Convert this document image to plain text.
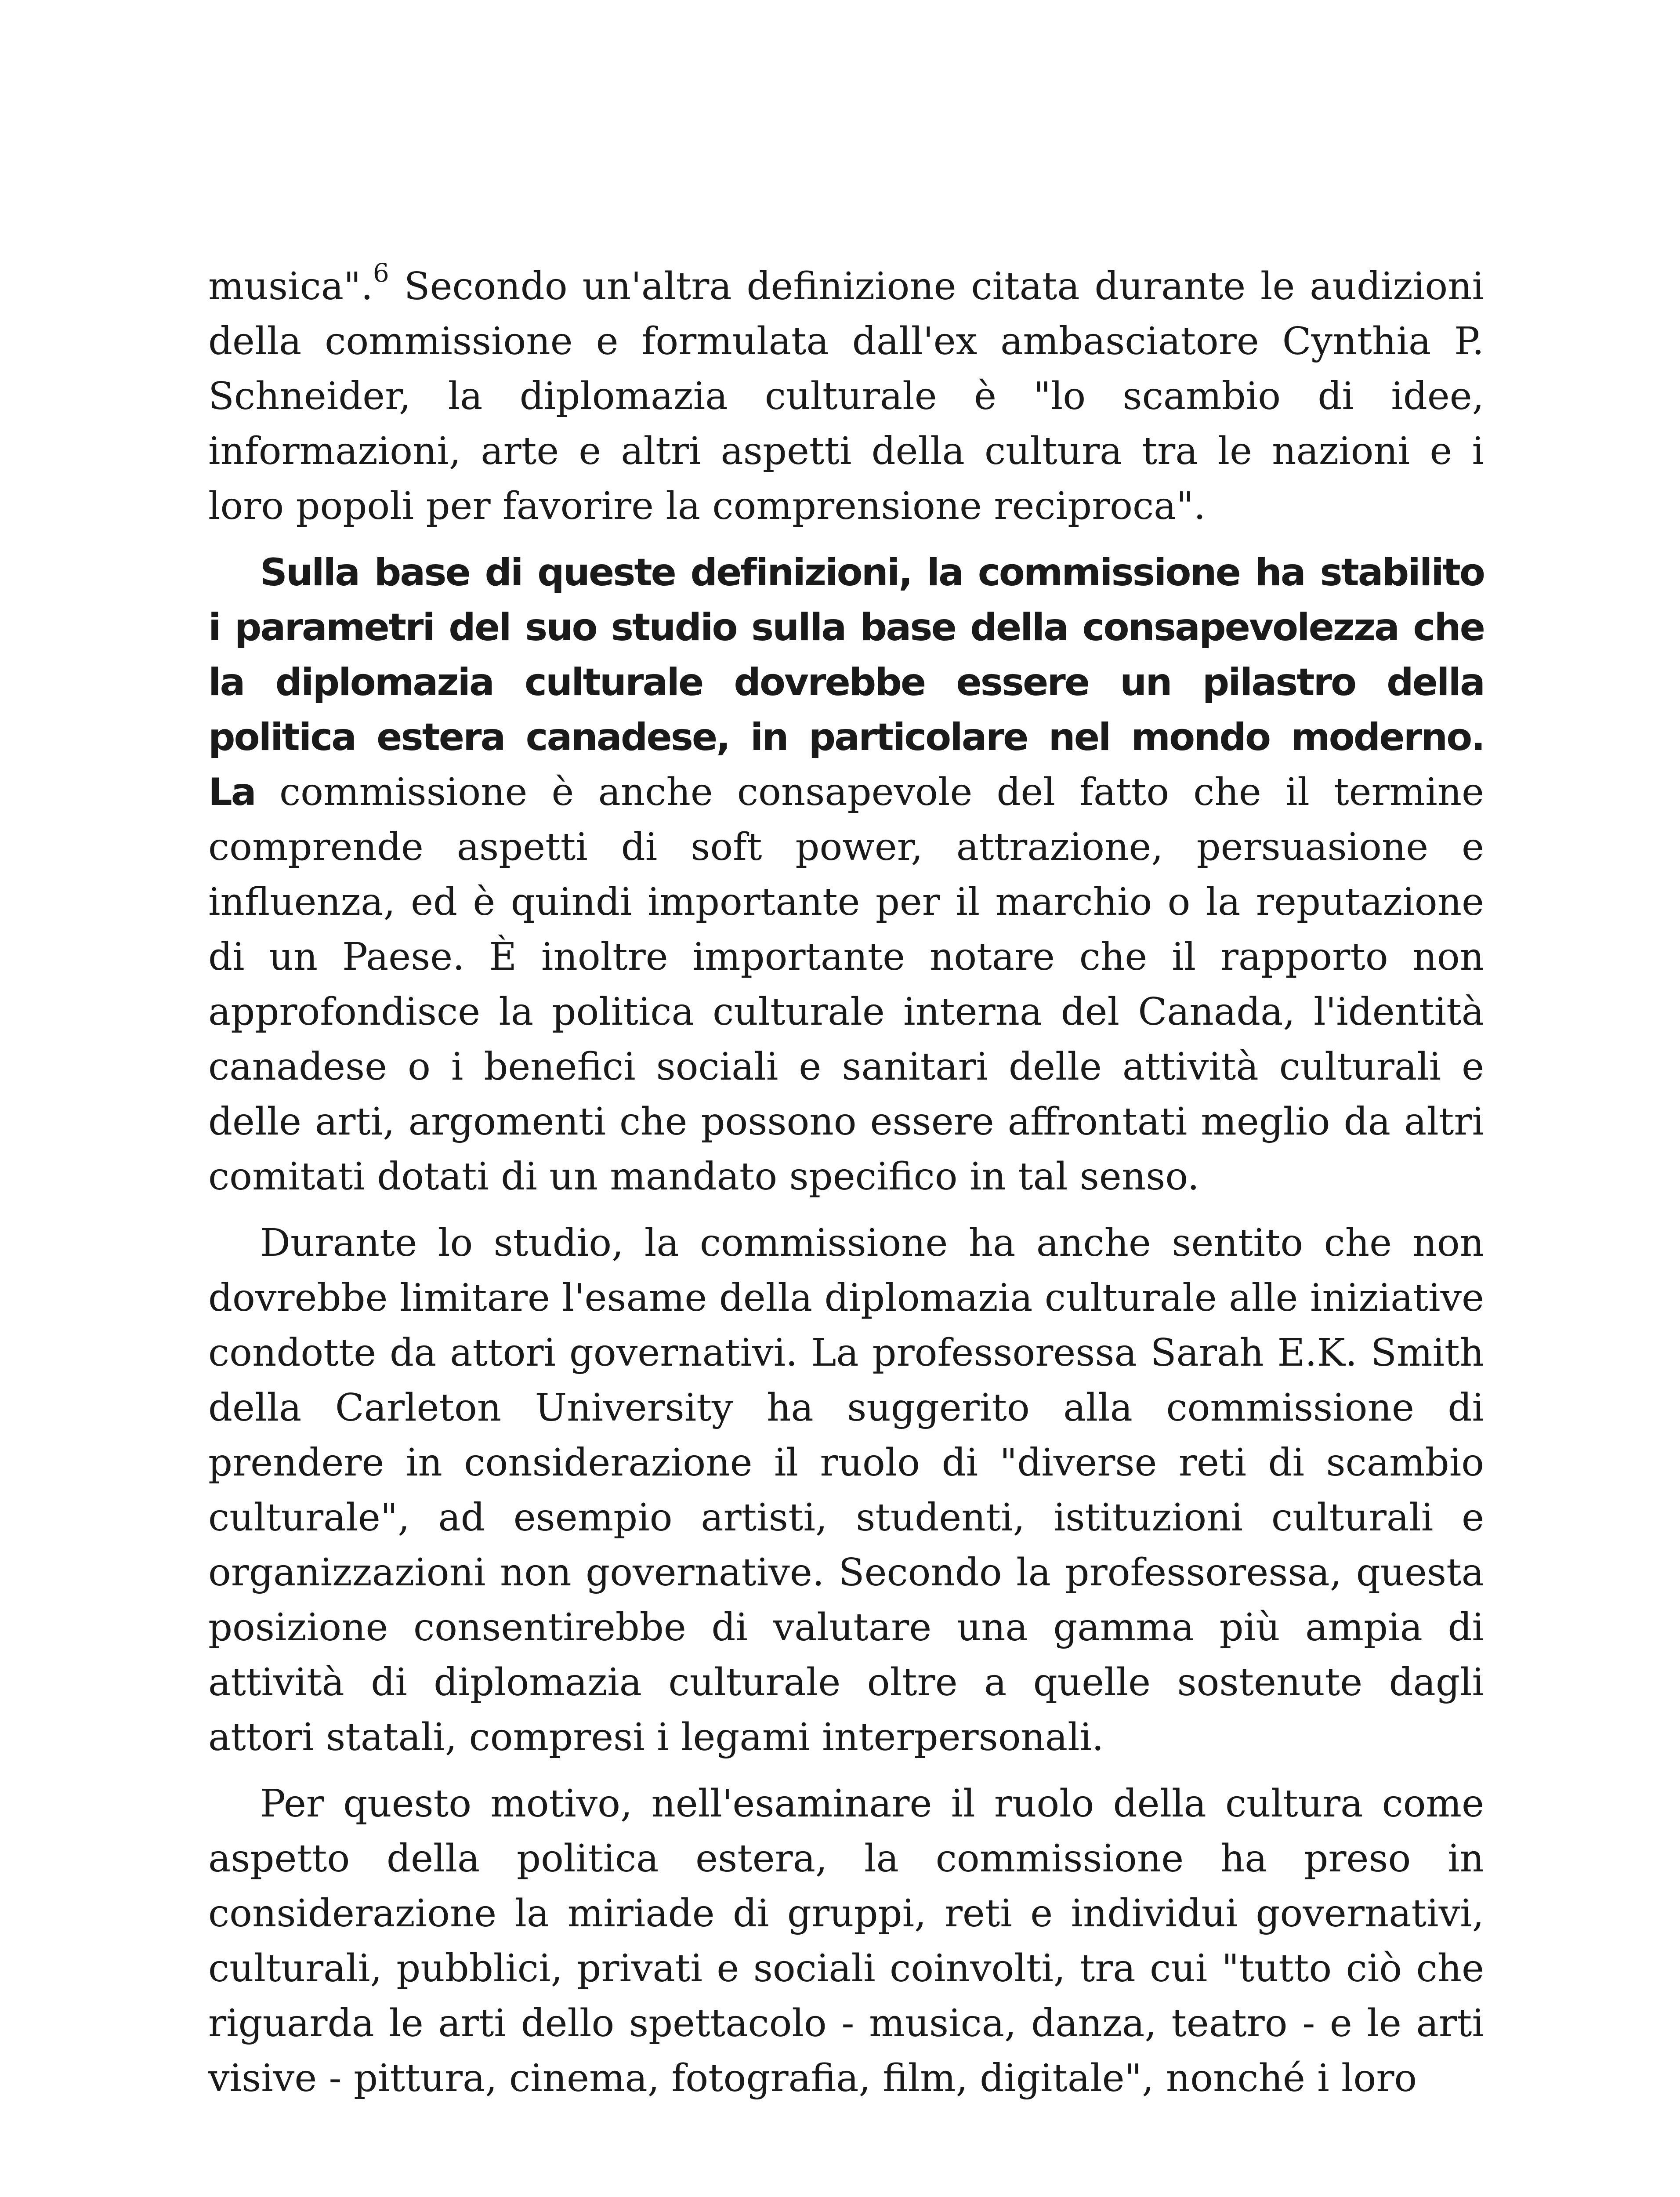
musica".$^6$ Secondo un'altra definizione citata durante le audizioni della commissione e formulata dall'ex ambasciatore Cynthia P. Schneider, la diplomazia culturale è "lo scambio di idee, informazioni, arte e altri aspetti della cultura tra le nazioni e i loro popoli per favorire la comprensione reciproca".

Sulla base di queste definizioni, la commissione ha stabilito i parametri del suo studio sulla base della consapevolezza che la diplomazia culturale dovrebbe essere un pilastro della politica estera canadese, in particolare nel mondo moderno. La commissione è anche consapevole del fatto che il termine comprende aspetti di soft power, attrazione, persuasione e influenza, ed è quindi importante per il marchio o la reputazione di un Paese. È inoltre importante notare che il rapporto non approfondisce la politica culturale interna del Canada, l'identità canadese o i benefici sociali e sanitari delle attività culturali e delle arti, argomenti che possono essere affrontati meglio da altri comitati dotati di un mandato specifico in tal senso.

Durante lo studio, la commissione ha anche sentito che non dovrebbe limitare l'esame della diplomazia culturale alle iniziative condotte da attori governativi. La professoressa Sarah E.K. Smith della Carleton University ha suggerito alla commissione di prendere in considerazione il ruolo di "diverse reti di scambio culturale", ad esempio artisti, studenti, istituzioni culturali e organizzazioni non governative. Secondo la professoressa, questa posizione consentirebbe di valutare una gamma più ampia di attività di diplomazia culturale oltre a quelle sostenute dagli attori statali, compresi i legami interpersonali.

Per questo motivo, nell'esaminare il ruolo della cultura come aspetto della politica estera, la commissione ha preso in considerazione la miriade di gruppi, reti e individui governativi, culturali, pubblici, privati e sociali coinvolti, tra cui "tutto ciò che riguarda le arti dello spettacolo - musica, danza, teatro - e le arti visive - pittura, cinema, fotografia, film, digitale", nonché i loro
